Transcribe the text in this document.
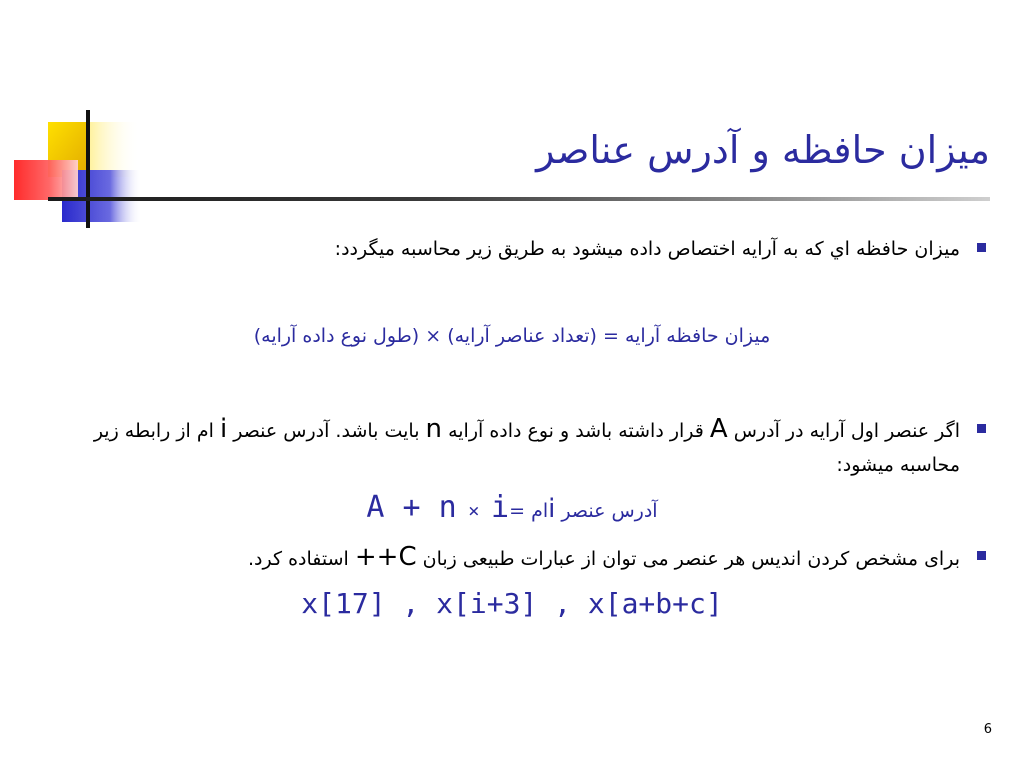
میزان حافظه و آدرس عناصر
میزان حافظه اي كه به آرايه اختصاص داده ميشود به طریق زير محاسبه میگردد:
میزان حافظه آرايه = (تعداد عناصر آرايه) × (طول نوع داده آرايه)
اگر عنصر اول آرايه در آدرس A قرار داشته باشد و نوع داده آرايه n بایت باشد. آدرس عنصر i ام از رابطه زير محاسبه ميشود:
A + n × i آدرس عنصر iام =
برای مشخص کردن اندیس هر عنصر می توان از عبارات طبیعی زبان C++ استفاده کرد.
x[17] , x[i+3] , x[a+b+c]
6
